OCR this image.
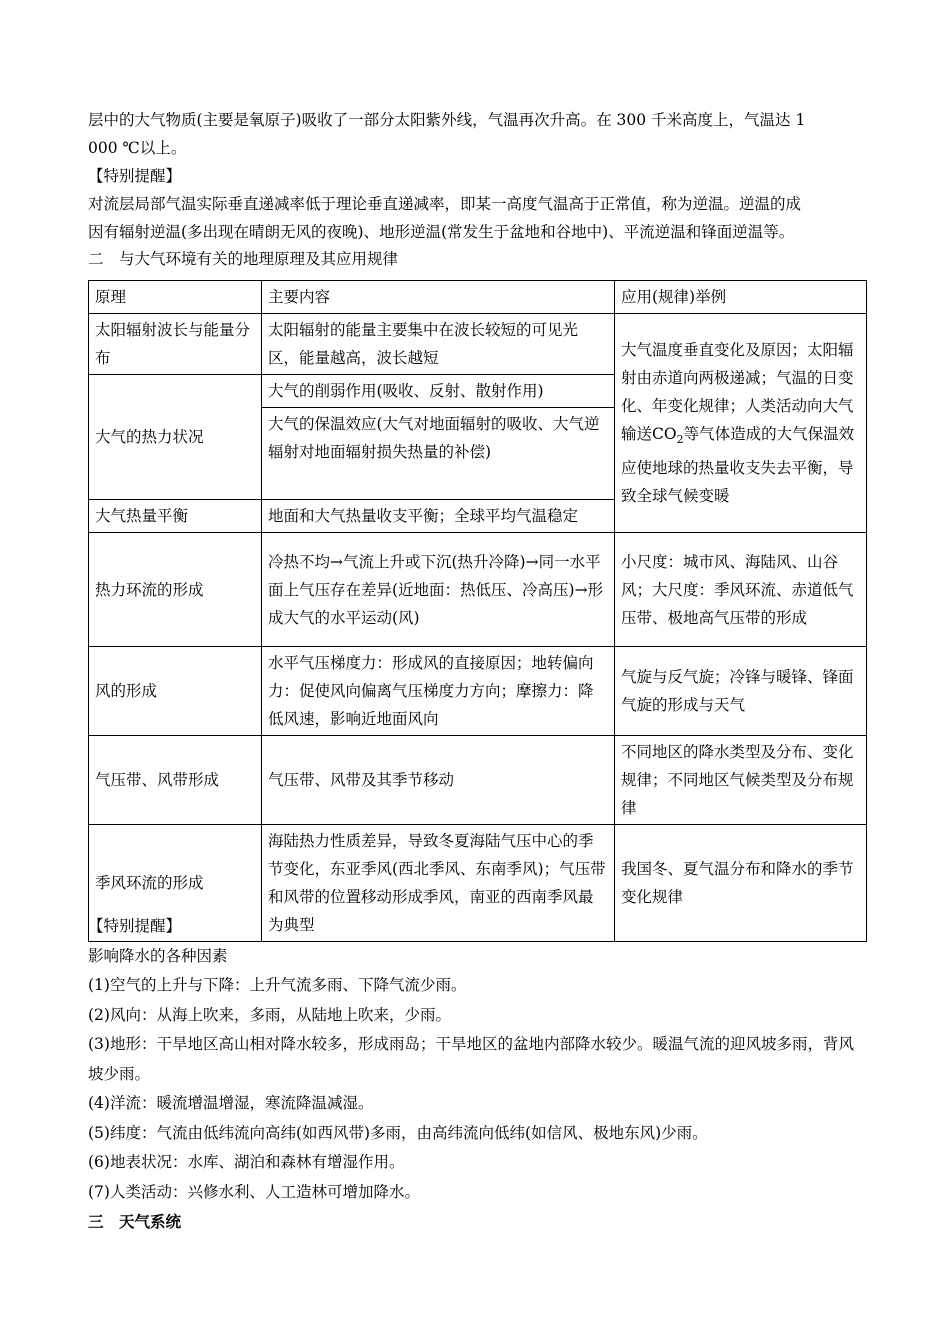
层中的大气物质(主要是氧原子)吸收了一部分太阳紫外线，气温再次升高。在 300 千米高度上，气温达 1

000 ℃以上。

【特别提醒】

对流层局部气温实际垂直递减率低于理论垂直递减率，即某一高度气温高于正常值，称为逆温。逆温的成

因有辐射逆温(多出现在晴朗无风的夜晚)、地形逆温(常发生于盆地和谷地中)、平流逆温和锋面逆温等。

二　与大气环境有关的地理原理及其应用规律

原理	主要内容	应用(规律)举例
太阳辐射波长与能量分布	太阳辐射的能量主要集中在波长较短的可见光区，能量越高，波长越短	大气温度垂直变化及原因；太阳辐射由赤道向两极递减；气温的日变化、年变化规律；人类活动向大气输送$CO_2$等气体造成的大气保温效应使地球的热量收支失去平衡，导致全球气候变暖
大气的热力状况	大气的削弱作用(吸收、反射、散射作用)	
	大气的保温效应(大气对地面辐射的吸收、大气逆辐射对地面辐射损失热量的补偿)	
大气热量平衡	地面和大气热量收支平衡；全球平均气温稳定	
热力环流的形成	冷热不均→气流上升或下沉(热升冷降)→同一水平面上气压存在差异(近地面：热低压、冷高压)→形成大气的水平运动(风)	小尺度：城市风、海陆风、山谷风；大尺度：季风环流、赤道低气压带、极地高气压带的形成
风的形成	水平气压梯度力：形成风的直接原因；地转偏向力：促使风向偏离气压梯度力方向；摩擦力：降低风速，影响近地面风向	气旋与反气旋；冷锋与暖锋、锋面气旋的形成与天气
气压带、风带形成	气压带、风带及其季节移动	不同地区的降水类型及分布、变化规律；不同地区气候类型及分布规律
季风环流的形成	海陆热力性质差异，导致冬夏海陆气压中心的季节变化，东亚季风(西北季风、东南季风)；气压带和风带的位置移动形成季风，南亚的西南季风最为典型	我国冬、夏气温分布和降水的季节变化规律

【特别提醒】

影响降水的各种因素

(1)空气的上升与下降：上升气流多雨、下降气流少雨。

(2)风向：从海上吹来，多雨，从陆地上吹来，少雨。

(3)地形：干旱地区高山相对降水较多，形成雨岛；干旱地区的盆地内部降水较少。暖温气流的迎风坡多雨，背风坡少雨。

(4)洋流：暖流增温增湿，寒流降温减湿。

(5)纬度：气流由低纬流向高纬(如西风带)多雨，由高纬流向低纬(如信风、极地东风)少雨。

(6)地表状况：水库、湖泊和森林有增湿作用。

(7)人类活动：兴修水利、人工造林可增加降水。

三　天气系统
